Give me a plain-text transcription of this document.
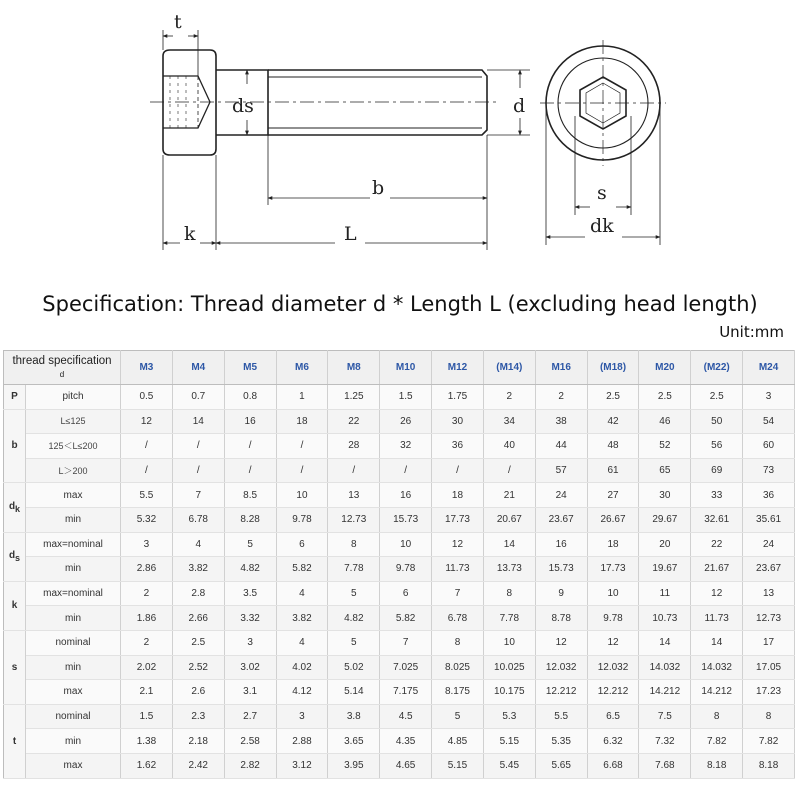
t
ds	d
b
k	L
s
dk
Specification: Thread diameter d * Length L (excluding head length)
Unit:mm
thread specification
d		M3	M4	M5	M6	M8	M10	M12	(M14)	M16	(M18)	M20	(M22)	M24
P	pitch	0.5	0.7	0.8	1	1.25	1.5	1.75	2	2	2.5	2.5	2.5	3
b	L≤125	12	14	16	18	22	26	30	34	38	42	46	50	54
	125＜L≤200	/	/	/	/	28	32	36	40	44	48	52	56	60
	L＞200	/	/	/	/	/	/	/	/	57	61	65	69	73
$d_k$	max	5.5	7	8.5	10	13	16	18	21	24	27	30	33	36
	min	5.32	6.78	8.28	9.78	12.73	15.73	17.73	20.67	23.67	26.67	29.67	32.61	35.61
$d_s$	max=nominal	3	4	5	6	8	10	12	14	16	18	20	22	24
	min	2.86	3.82	4.82	5.82	7.78	9.78	11.73	13.73	15.73	17.73	19.67	21.67	23.67
k	max=nominal	2	2.8	3.5	4	5	6	7	8	9	10	11	12	13
	min	1.86	2.66	3.32	3.82	4.82	5.82	6.78	7.78	8.78	9.78	10.73	11.73	12.73
s	nominal	2	2.5	3	4	5	7	8	10	12	12	14	14	17
	min	2.02	2.52	3.02	4.02	5.02	7.025	8.025	10.025	12.032	12.032	14.032	14.032	17.05
	max	2.1	2.6	3.1	4.12	5.14	7.175	8.175	10.175	12.212	12.212	14.212	14.212	17.23
t	nominal	1.5	2.3	2.7	3	3.8	4.5	5	5.3	5.5	6.5	7.5	8	8
	min	1.38	2.18	2.58	2.88	3.65	4.35	4.85	5.15	5.35	6.32	7.32	7.82	7.82
	max	1.62	2.42	2.82	3.12	3.95	4.65	5.15	5.45	5.65	6.68	7.68	8.18	8.18
